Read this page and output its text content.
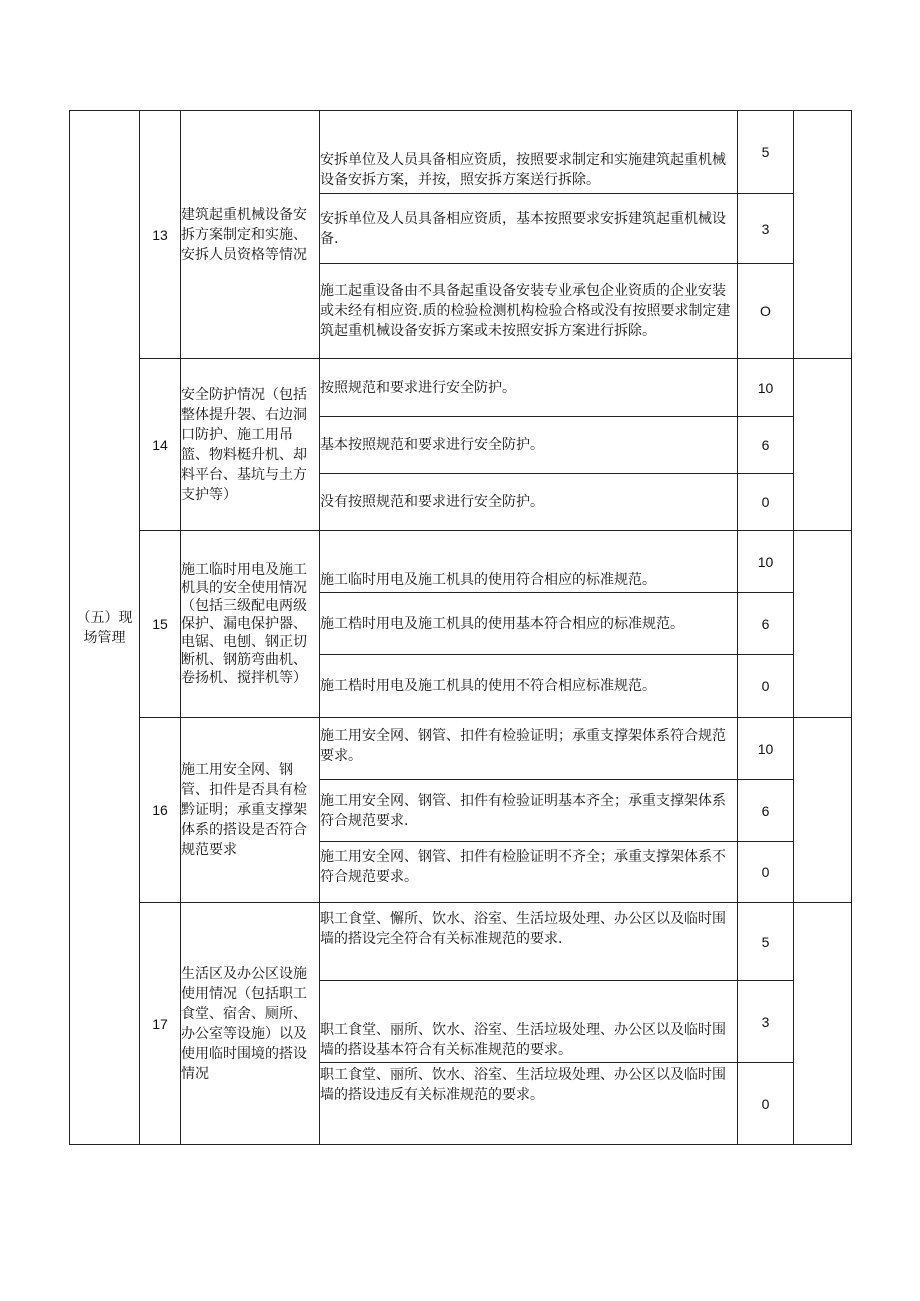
（五）现场管理	13	建筑起重机械设备安拆方案制定和实施、安拆人员资格等情况	安拆单位及人员具备相应资质，按照要求制定和实施建筑起重机械设备安拆方案，并按，照安拆方案送行拆除。	5	
			安拆单位及人员具备相应资质，基本按照要求安拆建筑起重机械设备.	3	
			施工起重设备由不具备起重设备安装专业承包企业资质的企业安装或未经有相应资.质的检验检测机构检验合格或没有按照要求制定建筑起重机械设备安拆方案或未按照安拆方案进行拆除。	O	
	14	安全防护情况（包括整体提升袈、右边洞口防护、施工用吊篮、物料梃升机、却料平台、基坑与土方支护等）	按照规范和要求进行安全防护。	10	
			基本按照规范和要求进行安全防护。	6	
			没有按照规范和要求进行安全防护。	0	
	15	施工临时用电及施工机具的安全使用情况（包括三级配电两级保护、漏电保护器、电锯、电刨、钢正切断机、钢筋弯曲机、卷扬机、搅拌机等）	施工临时用电及施工机具的使用符合相应的标准规范。	10	
			施工梏时用电及施工机具的使用基本符合相应的标准规范。	6	
			施工梏时用电及施工机具的使用不符合相应标准规范。	0	
	16	施工用安全网、钢管、扣件是否具有检黔证明；承重支撑架体系的搭设是否符合规范要求	施工用安全网、钢管、扣件有检验证明；承重支撑架体系符合规范要求。	10	
			施工用安全网、钢管、扣件有检验证明基本齐全；承重支撑架体系符合规范要求.	6	
			施工用安全网、钢管、扣件有检脸证明不齐全；承重支撑架体系不符合规范要求。	0	
	17	生活区及办公区设施使用情况（包括职工食堂、宿舍、厕所、办公室等设施）以及使用临时围境的搭设情况	职工食堂、懈所、饮水、浴室、生活垃圾处理、办公区以及临时围墙的搭设完全符合有关标准规范的要求.	5	
			职工食堂、丽所、饮水、浴室、生活垃圾处理、办公区以及临时围墙的搭设基本符合有关标准规范的要求。	3	
			职工食堂、丽所、饮水、浴室、生活垃圾处理、办公区以及临时围墙的搭设违反有关标准规范的要求。	0	
